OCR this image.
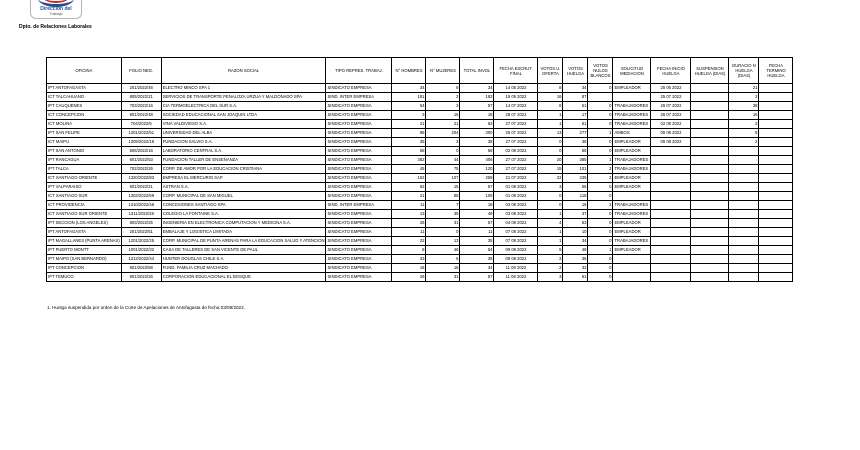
Dirección del
Trabajo
Dpto. de Relaciones Laborales
OFICINA	FOLIO NEG.	RAZON SOCIAL	TIPO REPRES. TRABAJ.	N° HOMBRES	N° MUJERES	TOTAL INVOL	FECHA ESCRUT. FINAL	VOTOS U. OFERTA	VOTOS HUELGA	VOTOS NULOS BLANCOS	SOLICITUD MEDIACION	FECHA INICIO HUELGA	SUSPENSION HUELGA (DIAS)	DURACIO N HUELGA (DIAS)	FECHA TERMINO HUELGA
IPT ANTOFAGASTA	201/2022/46	ELECTRO MINCO SPA 1	SINDICATO EMPRESA	34	8	34	14 05 2022	8	34	0	EMPLEADOR	25 06 2022		21	
ICT TALCAHUANO	805/2022/21	SERVICIOS DE TRANSPORTE PENALOZA URZUA Y MALDONADO SPA	SIND. INTER EMPRESA	181	2	183	19 05 2022	16	87			25 07 2022		2	
IPT CAUQUENES	703/2022/16	CIA TERMOELECTRICA DEL SUR S.A.	SINDICATO EMPRESA	54	3	57	14 07 2022	8	51	0	TRABAJADORES	26 07 2022		38	
ICT CONCEPCION	801/2022/48	SOCIEDAD EDUCACIONAL SAN JOAQUIN LTDA	SINDICATO EMPRESA	3	16	18	28 07 2022	1	17	0	TRABAJADORES	26 07 2022		16	
ICT MOLINA	704/2022/5	VINA VALDIVIESO S.A.	SINDICATO EMPRESA	21	21	62	27 07 2022	1	61	0	TRABAJADORES	02 08 2022		2	
IPT SAN FELIPE	1301/2022/51	UNIVERSIDAD DEL ALBA	SINDICATO EMPRESA	96	204	300	26 07 2022	13	277	1	AMBOS	05 08 2022		5	
ICT MAIPU	1309/2022/16	FUNDACION SALVIO S.A.	SINDICATO EMPRESA	35	3	38	27 07 2022	0	38	0	EMPLEADOR	05 08 2022		2	
IPT SAN ANTONIO	506/2022/16	LABORATORIO CENTRAL S.A.	SINDICATO EMPRESA	58	0	58	02 08 2022	0	58	0	EMPLEADOR				
IPT RANCAGUA	601/2022/53	FUNDACION TALLER DE ENSENANZA	SINDICATO EMPRESA	362	44	406	27 07 2022	20	385	1	TRABAJADORES				
IPT TALCA	702/2022/26	CORP. DE AMOR POR LA EDUCACION CRISTIANA	SINDICATO EMPRESA	45	75	120	27 07 2022	15	101	2	TRABAJADORES				
ICT SANTIAGO ORIENTE	1320/2022/83	EMPRESA EL MERCURIO SAP	SINDICATO EMPRESA	152	107	259	21 07 2022	22	235	2	EMPLEADOR				
IPT VALPARAISO	501/2022/21	ASTRAN S.A.	SINDICATO EMPRESA	62	15	57	01 08 2022	3	58	0	EMPLEADOR				
ICT SANTIAGO SUR	1303/2022/69	CORP. MUNICIPAL DE SAN MIGUEL	SINDICATO EMPRESA	21	88	109	01 08 2022	0	118	0					
ICT PROVIDENCIA	1310/2022/46	CONCESIONES SANTIAGO SPA	SIND. INTER EMPRESA	11	7	18	03 08 2022	0	16	2	TRABAJADORES				
ICT SANTIAGO SUR ORIENTE	1311/2022/26	COLEGIO LA FONTAINE S.A.	SINDICATO EMPRESA	13	35	48	03 08 2022	1	37	0	TRABAJADORES				
IPT SECCION (LOS ANGELES)	803/2022/25	INGENIERIA EN ELECTRONICA COMPUTACION Y MEDICINA S.A.	SINDICATO EMPRESA	26	31	57	04 08 2022	4	53	0	EMPLEADOR				
IPT ANTOFAGASTA	201/2022/51	EMBALAJE Y LOGISTICA LIMITADA	SINDICATO EMPRESA	11	0	11	07 08 2022	1	10	0	EMPLEADOR				
IPT MAGALLANES (PUNTA ARENAS)	1201/2022/25	CORP. MUNICIPAL DE PUNTA ARENAS PARA LA EDUCACION SALUD Y ATENCION	SINDICATO EMPRESA	22	13	35	07 08 2022	1	34	0	TRABAJADORES				
IPT PUERTO MONTT	1001/2022/32	CASA DE TALLERES DE SAN VICENTE DE PAUL	SINDICATO EMPRESA	8	46	54	09 08 2022	5	48	1	EMPLEADOR				
IPT MAIPO (SAN BERNARDO)	1313/2022/44	HUNTER DOUGLAS CHILE S.A.	SINDICATO EMPRESA	33	6	39	09 08 2022	2	36	0					
IPT CONCEPCION	801/2022/58	FUND. FAMILIA CRUZ MACHADO	SINDICATO EMPRESA	18	16	34	11 08 2022	2	32	0					
IPT TEMUCO	901/2022/26	CORPORACION EDUCACIONAL EL BOSQUE	SINDICATO EMPRESA	26	31	57	11 08 2022	3	61	0					
1. Huelga suspendida por orden de la Corte de Apelaciones de Antofagasta de fecha 03/08/2022.
